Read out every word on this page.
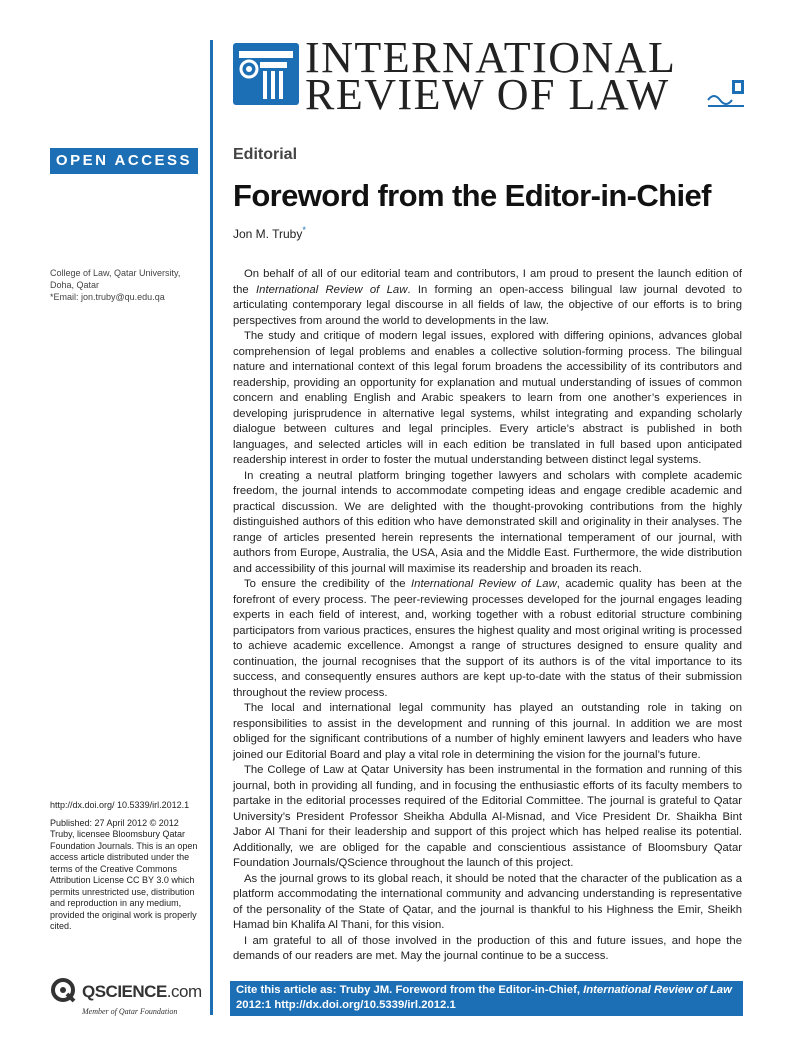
INTERNATIONAL
REVIEW OF LAW
OPEN ACCESS
College of Law, Qatar University, Doha, Qatar
*Email: jon.truby@qu.edu.qa

http://dx.doi.org/ 10.5339/irl.2012.1

Published: 27 April 2012 © 2012 Truby, licensee Bloomsbury Qatar Foundation Journals. This is an open access article distributed under the terms of the Creative Commons Attribution License CC BY 3.0 which permits unrestricted use, distribution and reproduction in any medium, provided the original work is properly cited.

QSCIENCE.com
Member of Qatar Foundation
Editorial
Foreword from the Editor-in-Chief
Jon M. Truby*

On behalf of all of our editorial team and contributors, I am proud to present the launch edition of the International Review of Law. In forming an open-access bilingual law journal devoted to articulating contemporary legal discourse in all fields of law, the objective of our efforts is to bring perspectives from around the world to developments in the law.

The study and critique of modern legal issues, explored with differing opinions, advances global comprehension of legal problems and enables a collective solution-forming process. The bilingual nature and international context of this legal forum broadens the accessibility of its contributors and readership, providing an opportunity for explanation and mutual understanding of issues of common concern and enabling English and Arabic speakers to learn from one another’s experiences in developing jurisprudence in alternative legal systems, whilst integrating and expanding scholarly dialogue between cultures and legal principles. Every article’s abstract is published in both languages, and selected articles will in each edition be translated in full based upon anticipated readership interest in order to foster the mutual understanding between distinct legal systems.

In creating a neutral platform bringing together lawyers and scholars with complete academic freedom, the journal intends to accommodate competing ideas and engage credible academic and practical discussion. We are delighted with the thought-provoking contributions from the highly distinguished authors of this edition who have demonstrated skill and originality in their analyses. The range of articles presented herein represents the international temperament of our journal, with authors from Europe, Australia, the USA, Asia and the Middle East. Furthermore, the wide distribution and accessibility of this journal will maximise its readership and broaden its reach.

To ensure the credibility of the International Review of Law, academic quality has been at the forefront of every process. The peer-reviewing processes developed for the journal engages leading experts in each field of interest, and, working together with a robust editorial structure combining participators from various practices, ensures the highest quality and most original writing is processed to achieve academic excellence. Amongst a range of structures designed to ensure quality and continuation, the journal recognises that the support of its authors is of the vital importance to its success, and consequently ensures authors are kept up-to-date with the status of their submission throughout the review process.

The local and international legal community has played an outstanding role in taking on responsibilities to assist in the development and running of this journal. In addition we are most obliged for the significant contributions of a number of highly eminent lawyers and leaders who have joined our Editorial Board and play a vital role in determining the vision for the journal’s future.

The College of Law at Qatar University has been instrumental in the formation and running of this journal, both in providing all funding, and in focusing the enthusiastic efforts of its faculty members to partake in the editorial processes required of the Editorial Committee. The journal is grateful to Qatar University’s President Professor Sheikha Abdulla Al-Misnad, and Vice President Dr. Shaikha Bint Jabor Al Thani for their leadership and support of this project which has helped realise its potential. Additionally, we are obliged for the capable and conscientious assistance of Bloomsbury Qatar Foundation Journals/QScience throughout the launch of this project.

As the journal grows to its global reach, it should be noted that the character of the publication as a platform accommodating the international community and advancing understanding is representative of the personality of the State of Qatar, and the journal is thankful to his Highness the Emir, Sheikh Hamad bin Khalifa Al Thani, for this vision.

I am grateful to all of those involved in the production of this and future issues, and hope the demands of our readers are met. May the journal continue to be a success.

Cite this article as: Truby JM. Foreword from the Editor-in-Chief, International Review of Law
2012:1 http://dx.doi.org/10.5339/irl.2012.1
